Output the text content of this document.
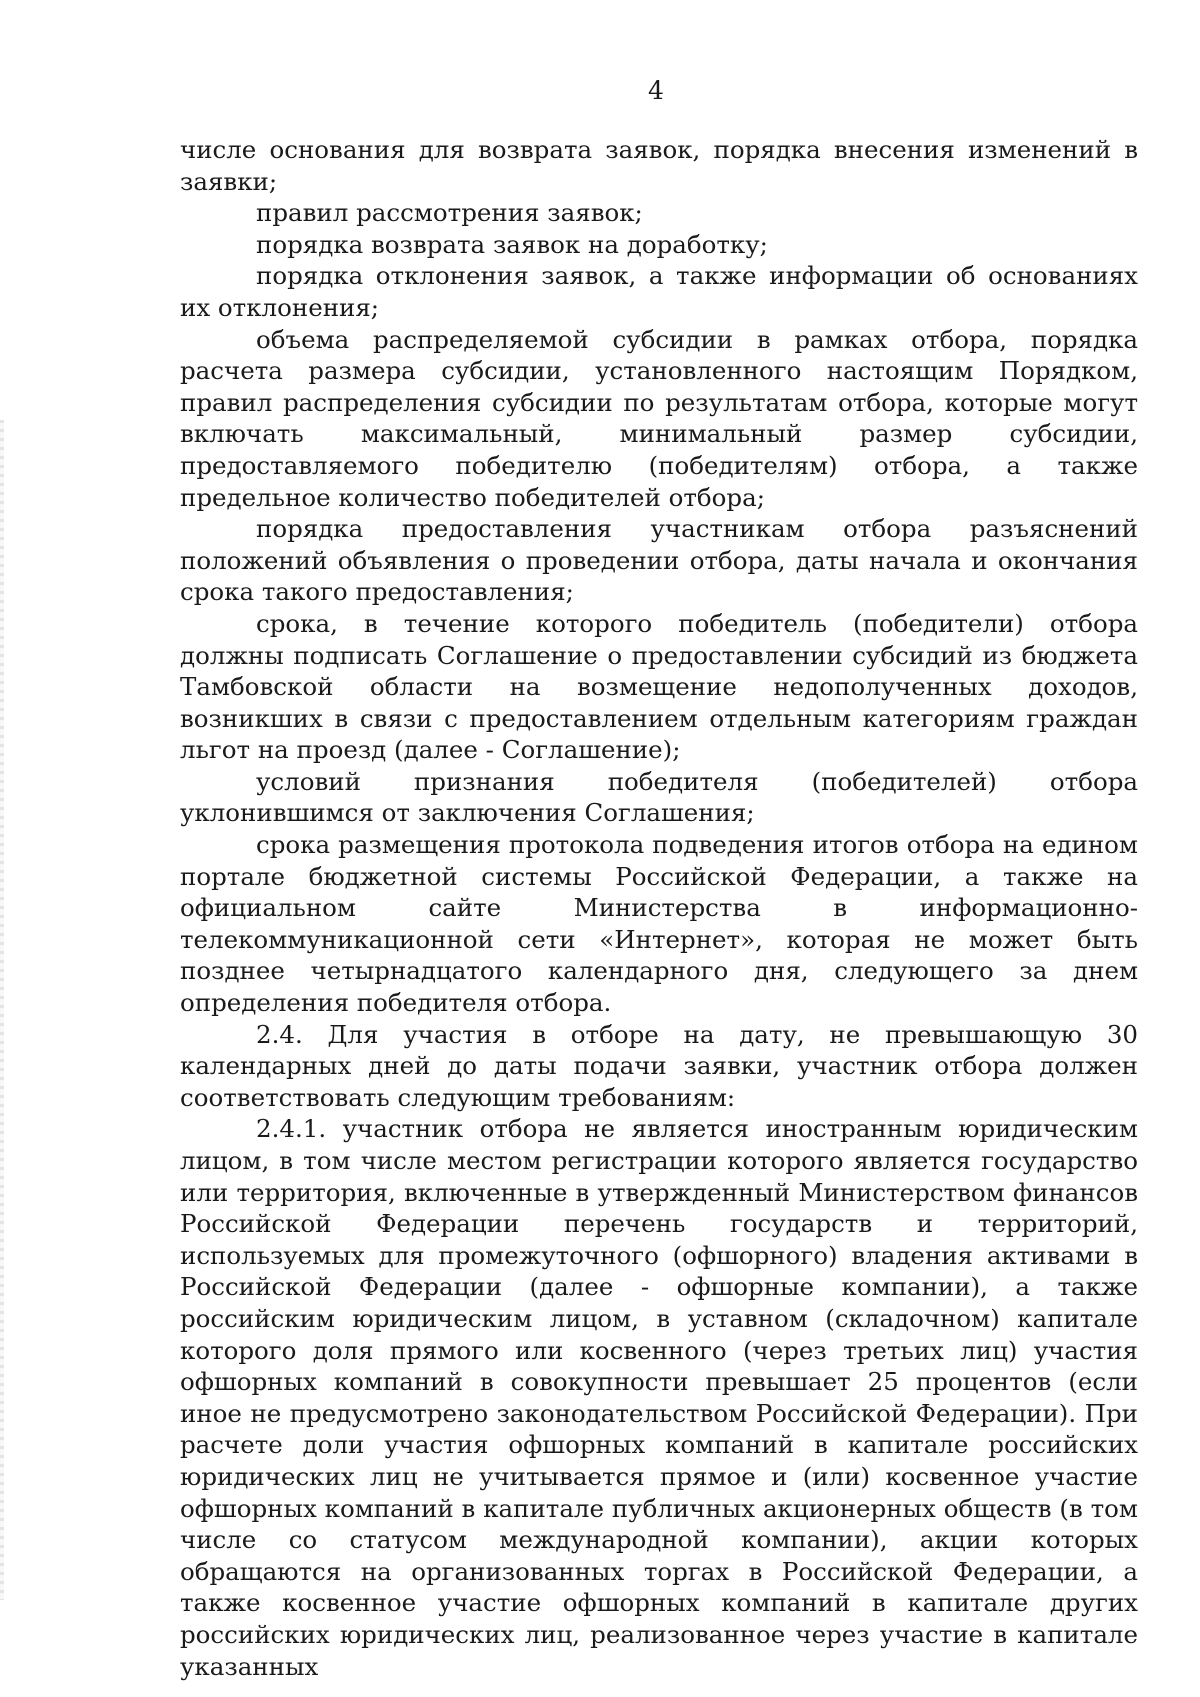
4

числе основания для возврата заявок, порядка внесения изменений в заявки;

правил рассмотрения заявок;

порядка возврата заявок на доработку;

порядка отклонения заявок, а также информации об основаниях их отклонения;

объема распределяемой субсидии в рамках отбора, порядка расчета размера субсидии, установленного настоящим Порядком, правил распределения субсидии по результатам отбора, которые могут включать максимальный, минимальный размер субсидии, предоставляемого победителю (победителям) отбора, а также предельное количество победителей отбора;

порядка предоставления участникам отбора разъяснений положений объявления о проведении отбора, даты начала и окончания срока такого предоставления;

срока, в течение которого победитель (победители) отбора должны подписать Соглашение о предоставлении субсидий из бюджета Тамбовской области на возмещение недополученных доходов, возникших в связи с предоставлением отдельным категориям граждан льгот на проезд (далее - Соглашение);

условий признания победителя (победителей) отбора уклонившимся от заключения Соглашения;

срока размещения протокола подведения итогов отбора на едином портале бюджетной системы Российской Федерации, а также на официальном сайте Министерства в информационно-телекоммуникационной сети «Интернет», которая не может быть позднее четырнадцатого календарного дня, следующего за днем определения победителя отбора.

2.4. Для участия в отборе на дату, не превышающую 30 календарных дней до даты подачи заявки, участник отбора должен соответствовать следующим требованиям:

2.4.1. участник отбора не является иностранным юридическим лицом, в том числе местом регистрации которого является государство или территория, включенные в утвержденный Министерством финансов Российской Федерации перечень государств и территорий, используемых для промежуточного (офшорного) владения активами в Российской Федерации (далее - офшорные компании), а также российским юридическим лицом, в уставном (складочном) капитале которого доля прямого или косвенного (через третьих лиц) участия офшорных компаний в совокупности превышает 25 процентов (если иное не предусмотрено законодательством Российской Федерации). При расчете доли участия офшорных компаний в капитале российских юридических лиц не учитывается прямое и (или) косвенное участие офшорных компаний в капитале публичных акционерных обществ (в том числе со статусом международной компании), акции которых обращаются на организованных торгах в Российской Федерации, а также косвенное участие офшорных компаний в капитале других российских юридических лиц, реализованное через участие в капитале указанных
